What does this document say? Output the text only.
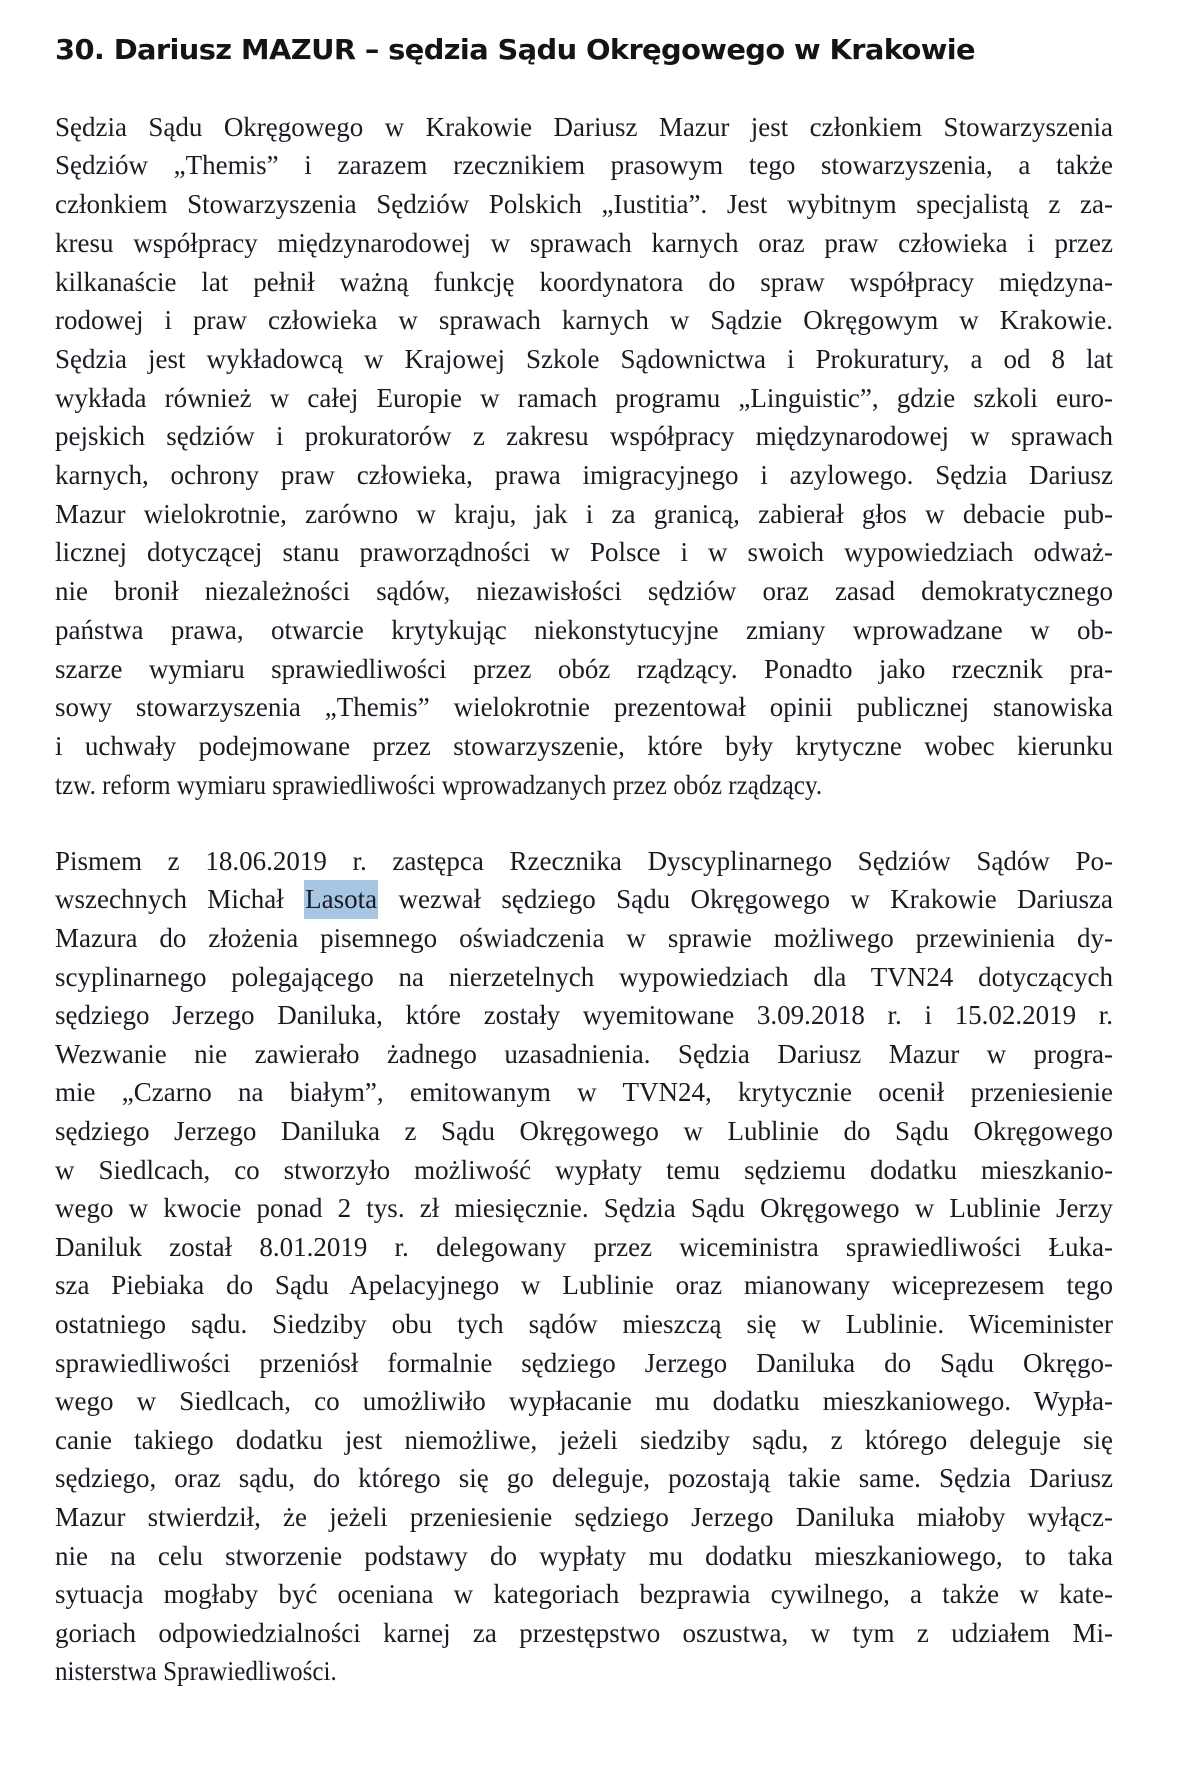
30. Dariusz MAZUR – sędzia Sądu Okręgowego w Krakowie
Sędzia Sądu Okręgowego w Krakowie Dariusz Mazur jest członkiem Stowarzyszenia
Sędziów „Themis” i zarazem rzecznikiem prasowym tego stowarzyszenia, a także
członkiem Stowarzyszenia Sędziów Polskich „Iustitia”. Jest wybitnym specjalistą z za-
kresu współpracy międzynarodowej w sprawach karnych oraz praw człowieka i przez
kilkanaście lat pełnił ważną funkcję koordynatora do spraw współpracy międzyna-
rodowej i praw człowieka w sprawach karnych w Sądzie Okręgowym w Krakowie.
Sędzia jest wykładowcą w Krajowej Szkole Sądownictwa i Prokuratury, a od 8 lat
wykłada również w całej Europie w ramach programu „Linguistic”, gdzie szkoli euro-
pejskich sędziów i prokuratorów z zakresu współpracy międzynarodowej w sprawach
karnych, ochrony praw człowieka, prawa imigracyjnego i azylowego. Sędzia Dariusz
Mazur wielokrotnie, zarówno w kraju, jak i za granicą, zabierał głos w debacie pub-
licznej dotyczącej stanu praworządności w Polsce i w swoich wypowiedziach odważ-
nie bronił niezależności sądów, niezawisłości sędziów oraz zasad demokratycznego
państwa prawa, otwarcie krytykując niekonstytucyjne zmiany wprowadzane w ob-
szarze wymiaru sprawiedliwości przez obóz rządzący. Ponadto jako rzecznik pra-
sowy stowarzyszenia „Themis” wielokrotnie prezentował opinii publicznej stanowiska
i uchwały podejmowane przez stowarzyszenie, które były krytyczne wobec kierunku
tzw. reform wymiaru sprawiedliwości wprowadzanych przez obóz rządzący.
Pismem z 18.06.2019 r. zastępca Rzecznika Dyscyplinarnego Sędziów Sądów Po-
wszechnych Michał Lasota wezwał sędziego Sądu Okręgowego w Krakowie Dariusza
Mazura do złożenia pisemnego oświadczenia w sprawie możliwego przewinienia dy-
scyplinarnego polegającego na nierzetelnych wypowiedziach dla TVN24 dotyczących
sędziego Jerzego Daniluka, które zostały wyemitowane 3.09.2018 r. i 15.02.2019 r.
Wezwanie nie zawierało żadnego uzasadnienia. Sędzia Dariusz Mazur w progra-
mie „Czarno na białym”, emitowanym w TVN24, krytycznie ocenił przeniesienie
sędziego Jerzego Daniluka z Sądu Okręgowego w Lublinie do Sądu Okręgowego
w Siedlcach, co stworzyło możliwość wypłaty temu sędziemu dodatku mieszkanio-
wego w kwocie ponad 2 tys. zł miesięcznie. Sędzia Sądu Okręgowego w Lublinie Jerzy
Daniluk został 8.01.2019 r. delegowany przez wiceministra sprawiedliwości Łuka-
sza Piebiaka do Sądu Apelacyjnego w Lublinie oraz mianowany wiceprezesem tego
ostatniego sądu. Siedziby obu tych sądów mieszczą się w Lublinie. Wiceminister
sprawiedliwości przeniósł formalnie sędziego Jerzego Daniluka do Sądu Okręgo-
wego w Siedlcach, co umożliwiło wypłacanie mu dodatku mieszkaniowego. Wypła-
canie takiego dodatku jest niemożliwe, jeżeli siedziby sądu, z którego deleguje się
sędziego, oraz sądu, do którego się go deleguje, pozostają takie same. Sędzia Dariusz
Mazur stwierdził, że jeżeli przeniesienie sędziego Jerzego Daniluka miałoby wyłącz-
nie na celu stworzenie podstawy do wypłaty mu dodatku mieszkaniowego, to taka
sytuacja mogłaby być oceniana w kategoriach bezprawia cywilnego, a także w kate-
goriach odpowiedzialności karnej za przestępstwo oszustwa, w tym z udziałem Mi-
nisterstwa Sprawiedliwości.
